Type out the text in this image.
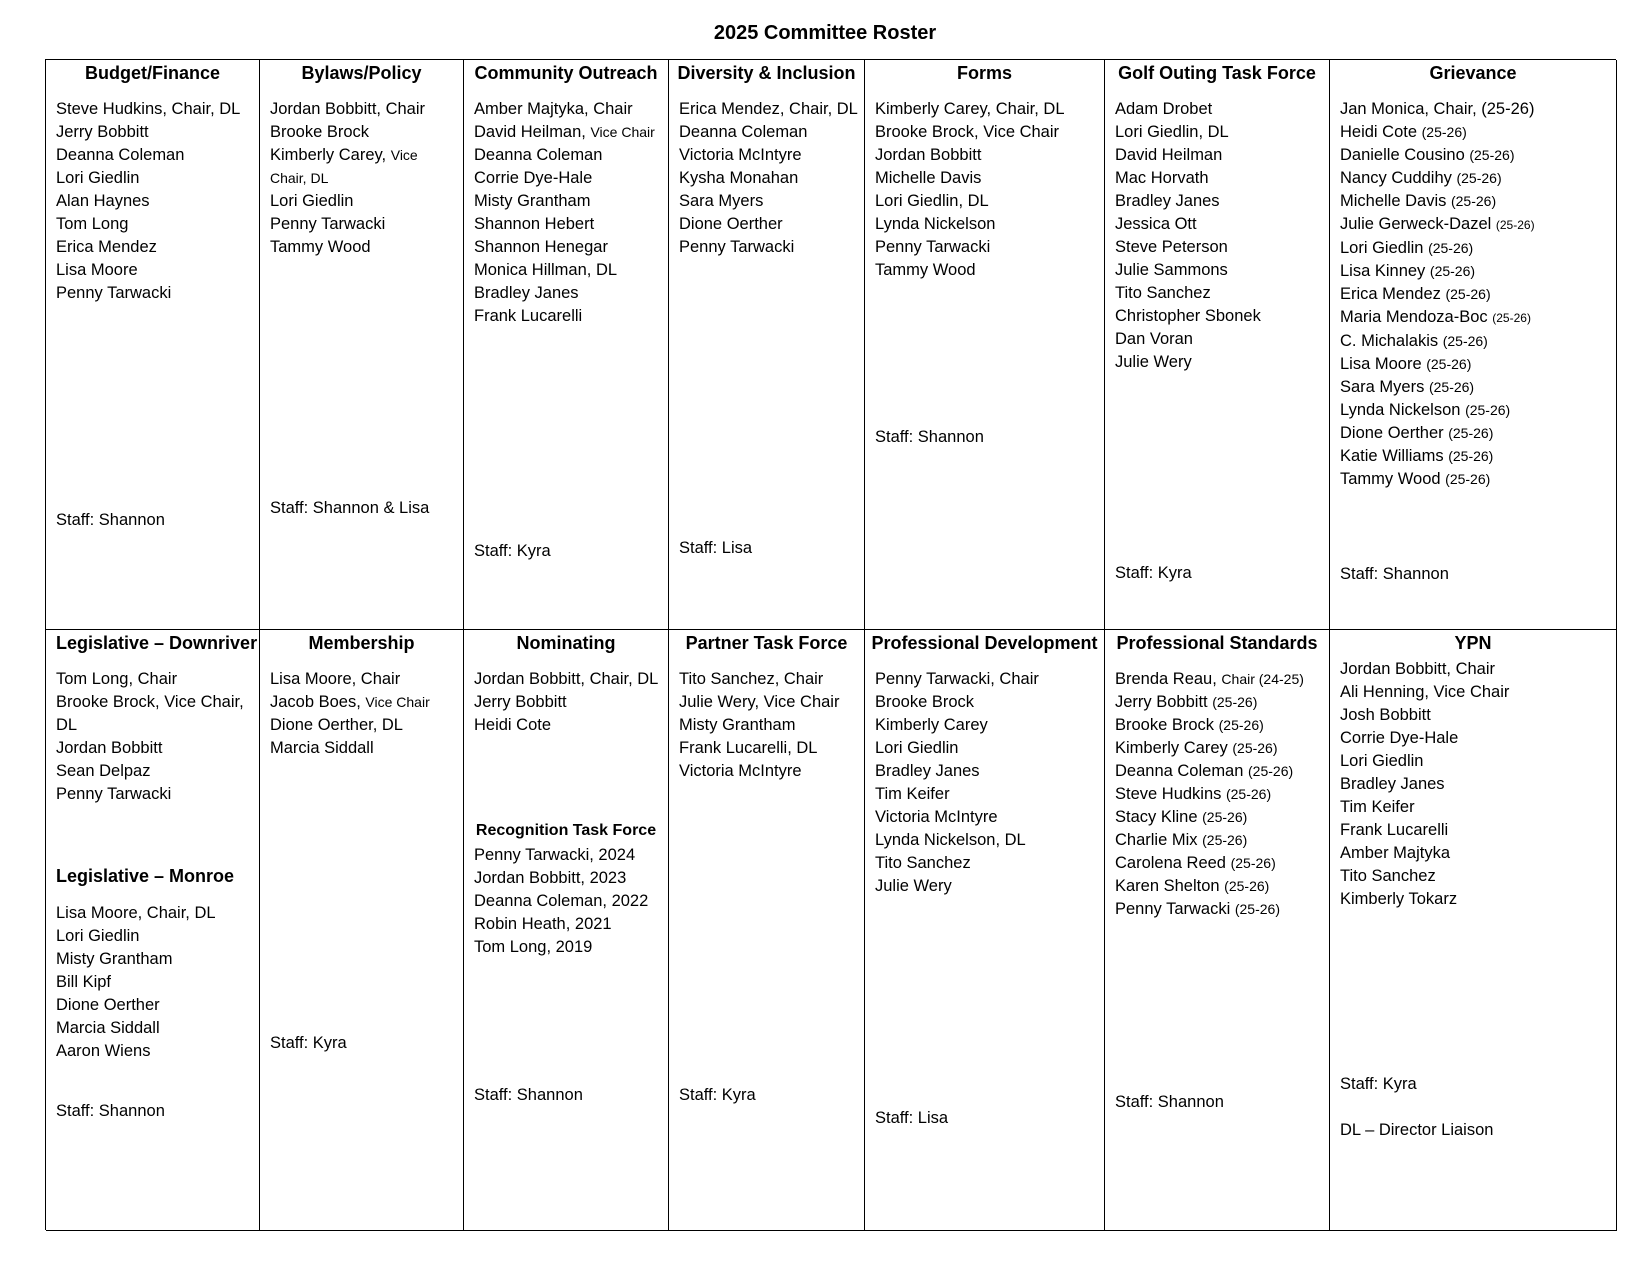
2025 Committee Roster
Budget/Finance
Steve Hudkins, Chair, DL
Jerry Bobbitt
Deanna Coleman
Lori Giedlin
Alan Haynes
Tom Long
Erica Mendez
Lisa Moore
Penny Tarwacki
Staff: Shannon
Bylaws/Policy
Jordan Bobbitt, Chair
Brooke Brock
Kimberly Carey, Vice Chair, DL
Lori Giedlin
Penny Tarwacki
Tammy Wood
Staff: Shannon & Lisa
Community Outreach
Amber Majtyka, Chair
David Heilman, Vice Chair
Deanna Coleman
Corrie Dye-Hale
Misty Grantham
Shannon Hebert
Shannon Henegar
Monica Hillman, DL
Bradley Janes
Frank Lucarelli
Staff: Kyra
Diversity & Inclusion
Erica Mendez, Chair, DL
Deanna Coleman
Victoria McIntyre
Kysha Monahan
Sara Myers
Dione Oerther
Penny Tarwacki
Staff: Lisa
Forms
Kimberly Carey, Chair, DL
Brooke Brock, Vice Chair
Jordan Bobbitt
Michelle Davis
Lori Giedlin, DL
Lynda Nickelson
Penny Tarwacki
Tammy Wood
Staff: Shannon
Golf Outing Task Force
Adam Drobet
Lori Giedlin, DL
David Heilman
Mac Horvath
Bradley Janes
Jessica Ott
Steve Peterson
Julie Sammons
Tito Sanchez
Christopher Sbonek
Dan Voran
Julie Wery
Staff: Kyra
Grievance
Jan Monica, Chair, (25-26)
Heidi Cote (25-26)
Danielle Cousino (25-26)
Nancy Cuddihy (25-26)
Michelle Davis (25-26)
Julie Gerweck-Dazel (25-26)
Lori Giedlin (25-26)
Lisa Kinney (25-26)
Erica Mendez (25-26)
Maria Mendoza-Boc (25-26)
C. Michalakis (25-26)
Lisa Moore (25-26)
Sara Myers (25-26)
Lynda Nickelson (25-26)
Dione Oerther (25-26)
Katie Williams (25-26)
Tammy Wood (25-26)
Staff: Shannon
Legislative – Downriver
Tom Long, Chair
Brooke Brock, Vice Chair,
DL
Jordan Bobbitt
Sean Delpaz
Penny Tarwacki
Legislative – Monroe
Lisa Moore, Chair, DL
Lori Giedlin
Misty Grantham
Bill Kipf
Dione Oerther
Marcia Siddall
Aaron Wiens
Staff: Shannon
Membership
Lisa Moore, Chair
Jacob Boes, Vice Chair
Dione Oerther, DL
Marcia Siddall
Staff: Kyra
Nominating
Jordan Bobbitt, Chair, DL
Jerry Bobbitt
Heidi Cote
Recognition Task Force
Penny Tarwacki, 2024
Jordan Bobbitt, 2023
Deanna Coleman, 2022
Robin Heath, 2021
Tom Long, 2019
Staff: Shannon
Partner Task Force
Tito Sanchez, Chair
Julie Wery, Vice Chair
Misty Grantham
Frank Lucarelli, DL
Victoria McIntyre
Staff: Kyra
Professional Development
Penny Tarwacki, Chair
Brooke Brock
Kimberly Carey
Lori Giedlin
Bradley Janes
Tim Keifer
Victoria McIntyre
Lynda Nickelson, DL
Tito Sanchez
Julie Wery
Staff: Lisa
Professional Standards
Brenda Reau, Chair (24-25)
Jerry Bobbitt (25-26)
Brooke Brock (25-26)
Kimberly Carey (25-26)
Deanna Coleman (25-26)
Steve Hudkins (25-26)
Stacy Kline (25-26)
Charlie Mix (25-26)
Carolena Reed (25-26)
Karen Shelton (25-26)
Penny Tarwacki (25-26)
Staff: Shannon
YPN
Jordan Bobbitt, Chair
Ali Henning, Vice Chair
Josh Bobbitt
Corrie Dye-Hale
Lori Giedlin
Bradley Janes
Tim Keifer
Frank Lucarelli
Amber Majtyka
Tito Sanchez
Kimberly Tokarz
Staff: Kyra
DL – Director Liaison
